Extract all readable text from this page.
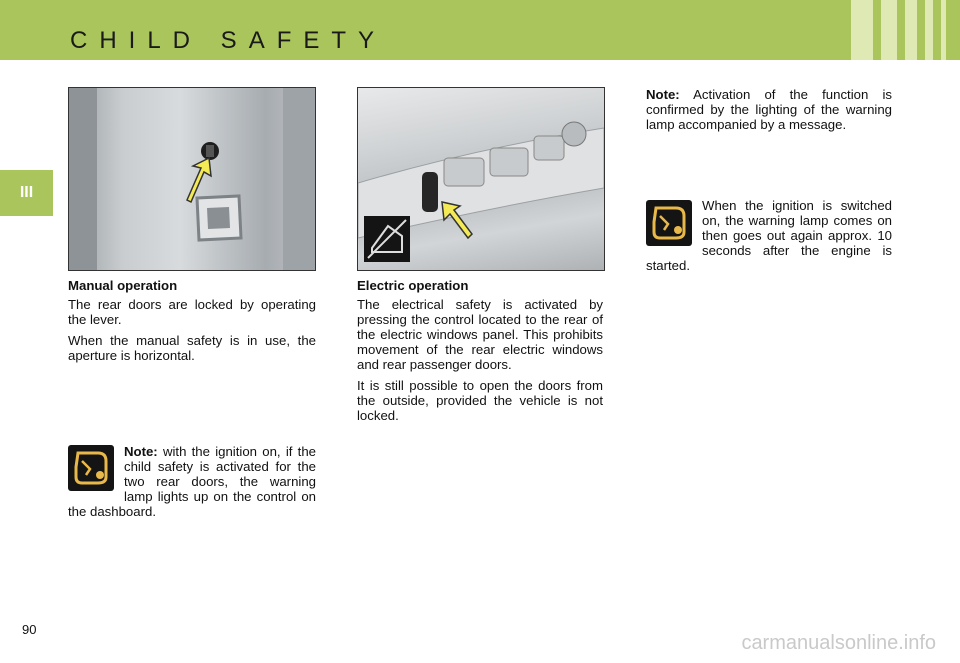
CHILD SAFETY
III

Manual operation

The rear doors are locked by operating the lever.

When the manual safety is in use, the aperture is horizontal.

Electric operation

The electrical safety is activated by pressing the control located to the rear of the electric windows panel. This prohibits movement of the rear electric windows and rear passenger doors.

It is still possible to open the doors from the outside, provided the vehicle is not locked.

Note: with the ignition on, if the child safety is activated for the two rear doors, the warning lamp lights up on the control on the dashboard.
Note: Activation of the function is confirmed by the lighting of the warning lamp accompanied by a message.
When the ignition is switched on, the warning lamp comes on then goes out again approx. 10 seconds after the engine is started.
90
carmanualsonline.info
